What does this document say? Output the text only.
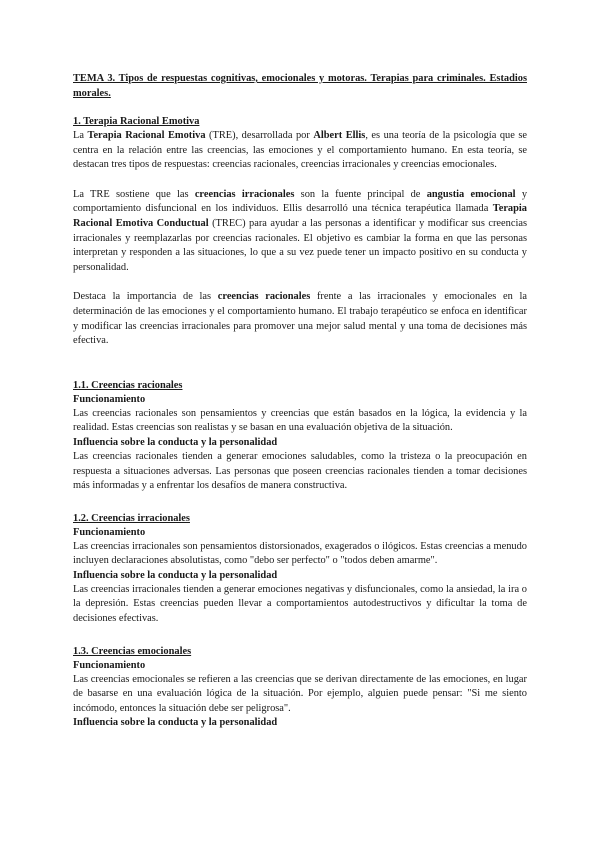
TEMA 3. Tipos de respuestas cognitivas, emocionales y motoras. Terapias para criminales. Estadios morales.
1. Terapia Racional Emotiva

La Terapia Racional Emotiva (TRE), desarrollada por Albert Ellis, es una teoría de la psicología que se centra en la relación entre las creencias, las emociones y el comportamiento humano. En esta teoría, se destacan tres tipos de respuestas: creencias racionales, creencias irracionales y creencias emocionales.

La TRE sostiene que las creencias irracionales son la fuente principal de angustia emocional y comportamiento disfuncional en los individuos. Ellis desarrolló una técnica terapéutica llamada Terapia Racional Emotiva Conductual (TREC) para ayudar a las personas a identificar y modificar sus creencias irracionales y reemplazarlas por creencias racionales. El objetivo es cambiar la forma en que las personas interpretan y responden a las situaciones, lo que a su vez puede tener un impacto positivo en su conducta y personalidad.

Destaca la importancia de las creencias racionales frente a las irracionales y emocionales en la determinación de las emociones y el comportamiento humano. El trabajo terapéutico se enfoca en identificar y modificar las creencias irracionales para promover una mejor salud mental y una toma de decisiones más efectiva.

1.1. Creencias racionales
Funcionamiento

Las creencias racionales son pensamientos y creencias que están basados en la lógica, la evidencia y la realidad. Estas creencias son realistas y se basan en una evaluación objetiva de la situación.

Influencia sobre la conducta y la personalidad

Las creencias racionales tienden a generar emociones saludables, como la tristeza o la preocupación en respuesta a situaciones adversas. Las personas que poseen creencias racionales tienden a tomar decisiones más informadas y a enfrentar los desafíos de manera constructiva.

1.2. Creencias irracionales
Funcionamiento

Las creencias irracionales son pensamientos distorsionados, exagerados o ilógicos. Estas creencias a menudo incluyen declaraciones absolutistas, como "debo ser perfecto" o "todos deben amarme".

Influencia sobre la conducta y la personalidad

Las creencias irracionales tienden a generar emociones negativas y disfuncionales, como la ansiedad, la ira o la depresión. Estas creencias pueden llevar a comportamientos autodestructivos y dificultar la toma de decisiones efectivas.

1.3. Creencias emocionales
Funcionamiento

Las creencias emocionales se refieren a las creencias que se derivan directamente de las emociones, en lugar de basarse en una evaluación lógica de la situación. Por ejemplo, alguien puede pensar: "Si me siento incómodo, entonces la situación debe ser peligrosa".

Influencia sobre la conducta y la personalidad
